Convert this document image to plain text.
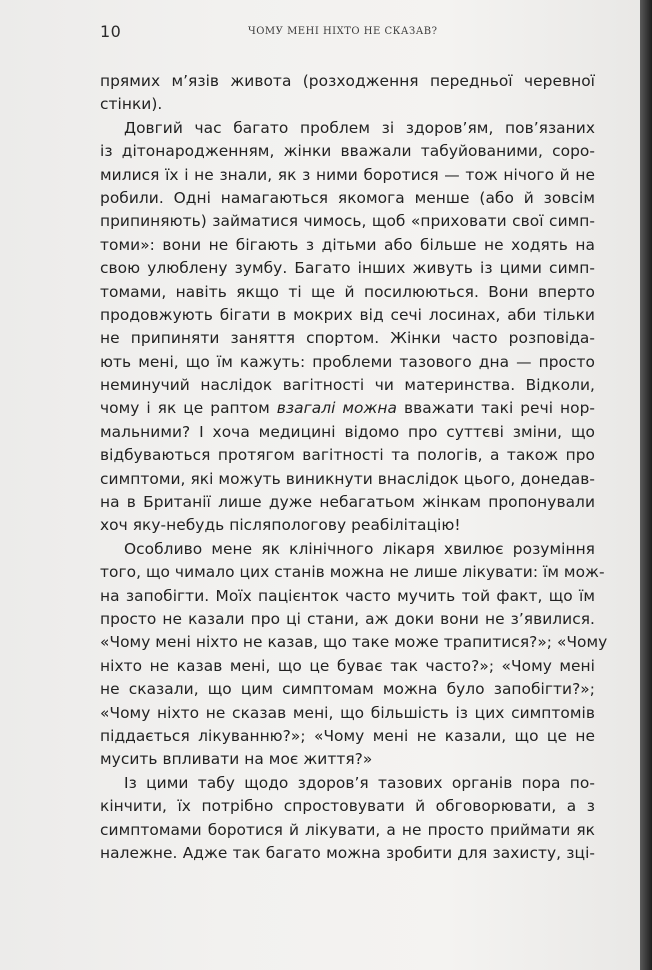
10	ЧОМУ МЕНІ НІХТО НЕ СКАЗАВ?
прямих м’язів живота (розходження передньої черевної
стінки).
Довгий час багато проблем зі здоров’ям, пов’язаних
із дітонародженням, жінки вважали табуйованими, соро-
милися їх і не знали, як з ними боротися — тож нічого й не
робили. Одні намагаються якомога менше (або й зовсім
припиняють) займатися чимось, щоб «приховати свої симп-
томи»: вони не бігають з дітьми або більше не ходять на
свою улюблену зумбу. Багато інших живуть із цими симп-
томами, навіть якщо ті ще й посилюються. Вони вперто
продовжують бігати в мокрих від сечі лосинах, аби тільки
не припиняти заняття спортом. Жінки часто розповіда-
ють мені, що їм кажуть: проблеми тазового дна — просто
неминучий наслідок вагітності чи материнства. Відколи,
чому і як це раптом взагалі можна вважати такі речі нор-
мальними? І хоча медицині відомо про суттєві зміни, що
відбуваються протягом вагітності та пологів, а також про
симптоми, які можуть виникнути внаслідок цього, донедав-
на в Британії лише дуже небагатьом жінкам пропонували
хоч яку-небудь післяпологову реабілітацію!
Особливо мене як клінічного лікаря хвилює розуміння
того, що чимало цих станів можна не лише лікувати: їм мож-
на запобігти. Моїх пацієнток часто мучить той факт, що їм
просто не казали про ці стани, аж доки вони не з’явилися.
«Чому мені ніхто не казав, що таке може трапитися?»; «Чому
ніхто не казав мені, що це буває так часто?»; «Чому мені
не сказали, що цим симптомам можна було запобігти?»;
«Чому ніхто не сказав мені, що більшість із цих симптомів
піддається лікуванню?»; «Чому мені не казали, що це не
мусить впливати на моє життя?»
Із цими табу щодо здоров’я тазових органів пора по-
кінчити, їх потрібно спростовувати й обговорювати, а з
симптомами боротися й лікувати, а не просто приймати як
належне. Адже так багато можна зробити для захисту, зці-
